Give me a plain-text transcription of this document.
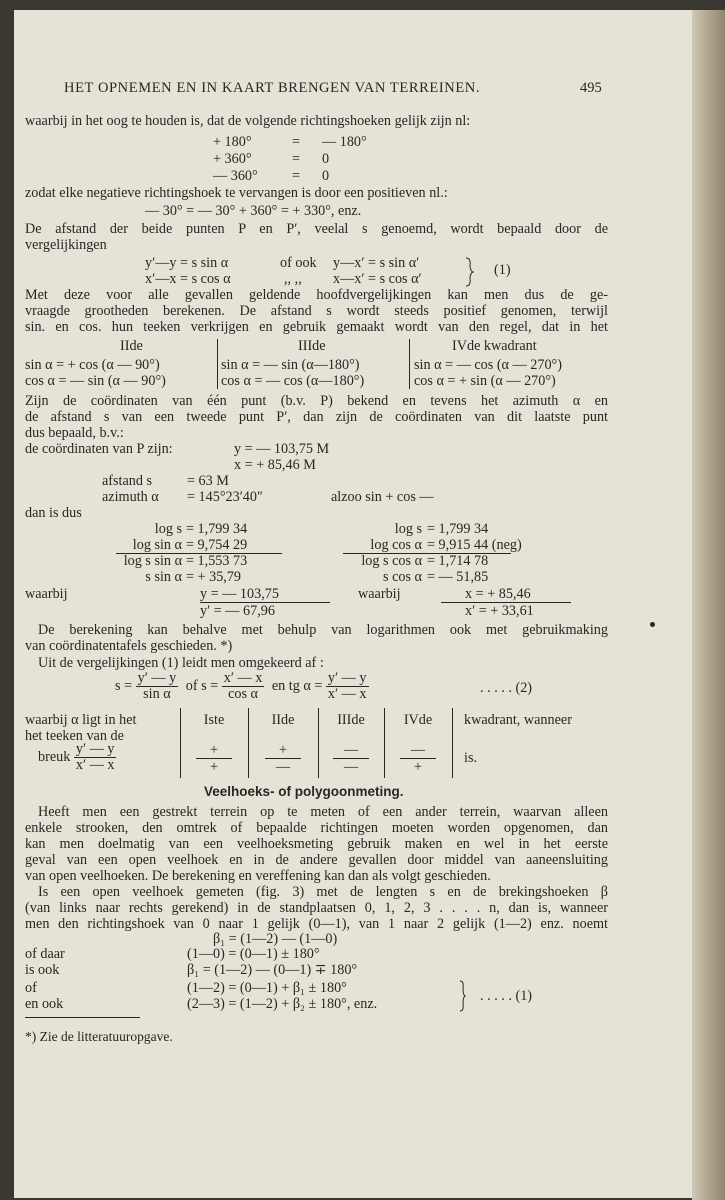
HET OPNEMEN EN IN KAART BRENGEN VAN TERREINEN.	495
waarbij in het oog te houden is, dat de volgende richtingshoeken gelijk zijn nl:
+ 180°	= — 180°
+ 360°	= 0
— 360° = 0
zodat elke negatieve richtingshoek te vervangen is door een positieven nl.:
— 30° = — 30° + 360° = + 330°, enz.
De afstand der beide punten P en P′, veelal s genoemd, wordt bepaald door de
vergelijkingen
y′—y = s sin α
x′—x = s cos α
of ook
,, ,,
y—x′ = s sin α′
x—x′ = s cos α′
(1)
Met deze voor alle gevallen geldende hoofdvergelijkingen kan men dus de ge-
vraagde grootheden berekenen. De afstand s wordt steeds positief genomen, terwijl
sin. en cos. hun teeken verkrijgen en gebruik gemaakt wordt van den regel, dat in het
IIde	IIIde	IVde kwadrant
sin α = + cos (α — 90°)	sin α = — sin (α—180°)	sin α = — cos (α — 270°)
cos α = — sin (α — 90°)	cos α = — cos (α—180°)	cos α = + sin (α — 270°)
Zijn de coördinaten van één punt (b.v. P) bekend en tevens het azimuth α en
de afstand s van een tweede punt P′, dan zijn de coördinaten van dit laatste punt
dus bepaald, b.v.:
de coördinaten van P zijn:	y = — 103,75 M
x = + 85,46 M
afstand s = 63 M
azimuth α = 145°23′40″	alzoo sin + cos —
dan is dus
log s = 1,799 34
log sin α = 9,754 29
log s sin α = 1,553 73
s sin α = + 35,79
log s = 1,799 34
log cos α = 9,915 44 (neg)
log s cos α = 1,714 78
s cos α = — 51,85
waarbij	y = — 103,75
y′ = — 67,96
waarbij	x = + 85,46
x′ = + 33,61
De berekening kan behalve met behulp van logarithmen ook met gebruikmaking
van coördinatentafels geschieden. *)
Uit de vergelijkingen (1) leidt men omgekeerd af :
$s = \frac{y' — y}{\text{sin α}}$ of $s = \frac{x' — x}{\text{cos α}}$ en tg $\alpha = \frac{y' — y}{x' — x}$	. . . . . (2)
waarbij α ligt in het
het teeken van de
breuk $\frac{y' — y}{x' — x}$
Iste	IIde	IIIde	IVde	kwadrant, wanneer
+	+	—	—
+	—	—	+
is.
Veelhoeks- of polygoonmeting.
Heeft men een gestrekt terrein op te meten of een ander terrein, waarvan alleen
enkele strooken, den omtrek of bepaalde richtingen moeten worden opgenomen, dan
kan men doelmatig van een veelhoeksmeting gebruik maken en wel in het eerste
geval van een open veelhoek en in de andere gevallen door middel van aaneensluiting
van open veelhoeken. De berekening en vereffening kan dan als volgt geschieden.
Is een open veelhoek gemeten (fig. 3) met de lengten s en de brekingshoeken β
(van links naar rechts gerekend) in de standplaatsen 0, 1, 2, 3 . . . . n, dan is, wanneer
men den richtingshoek van 0 naar 1 gelijk (0—1), van 1 naar 2 gelijk (1—2) enz. noemt
β₁ = (1—2) — (1—0)
of daar	(1—0) = (0—1) ± 180°
is ook	β₁ = (1—2) — (0—1) ∓ 180°
of	(1—2) = (0—1) + β₁ ± 180°
en ook	(2—3) = (1—2) + β₂ ± 180°, enz.	. . . . . (1)
*) Zie de litteratuuropgave.
